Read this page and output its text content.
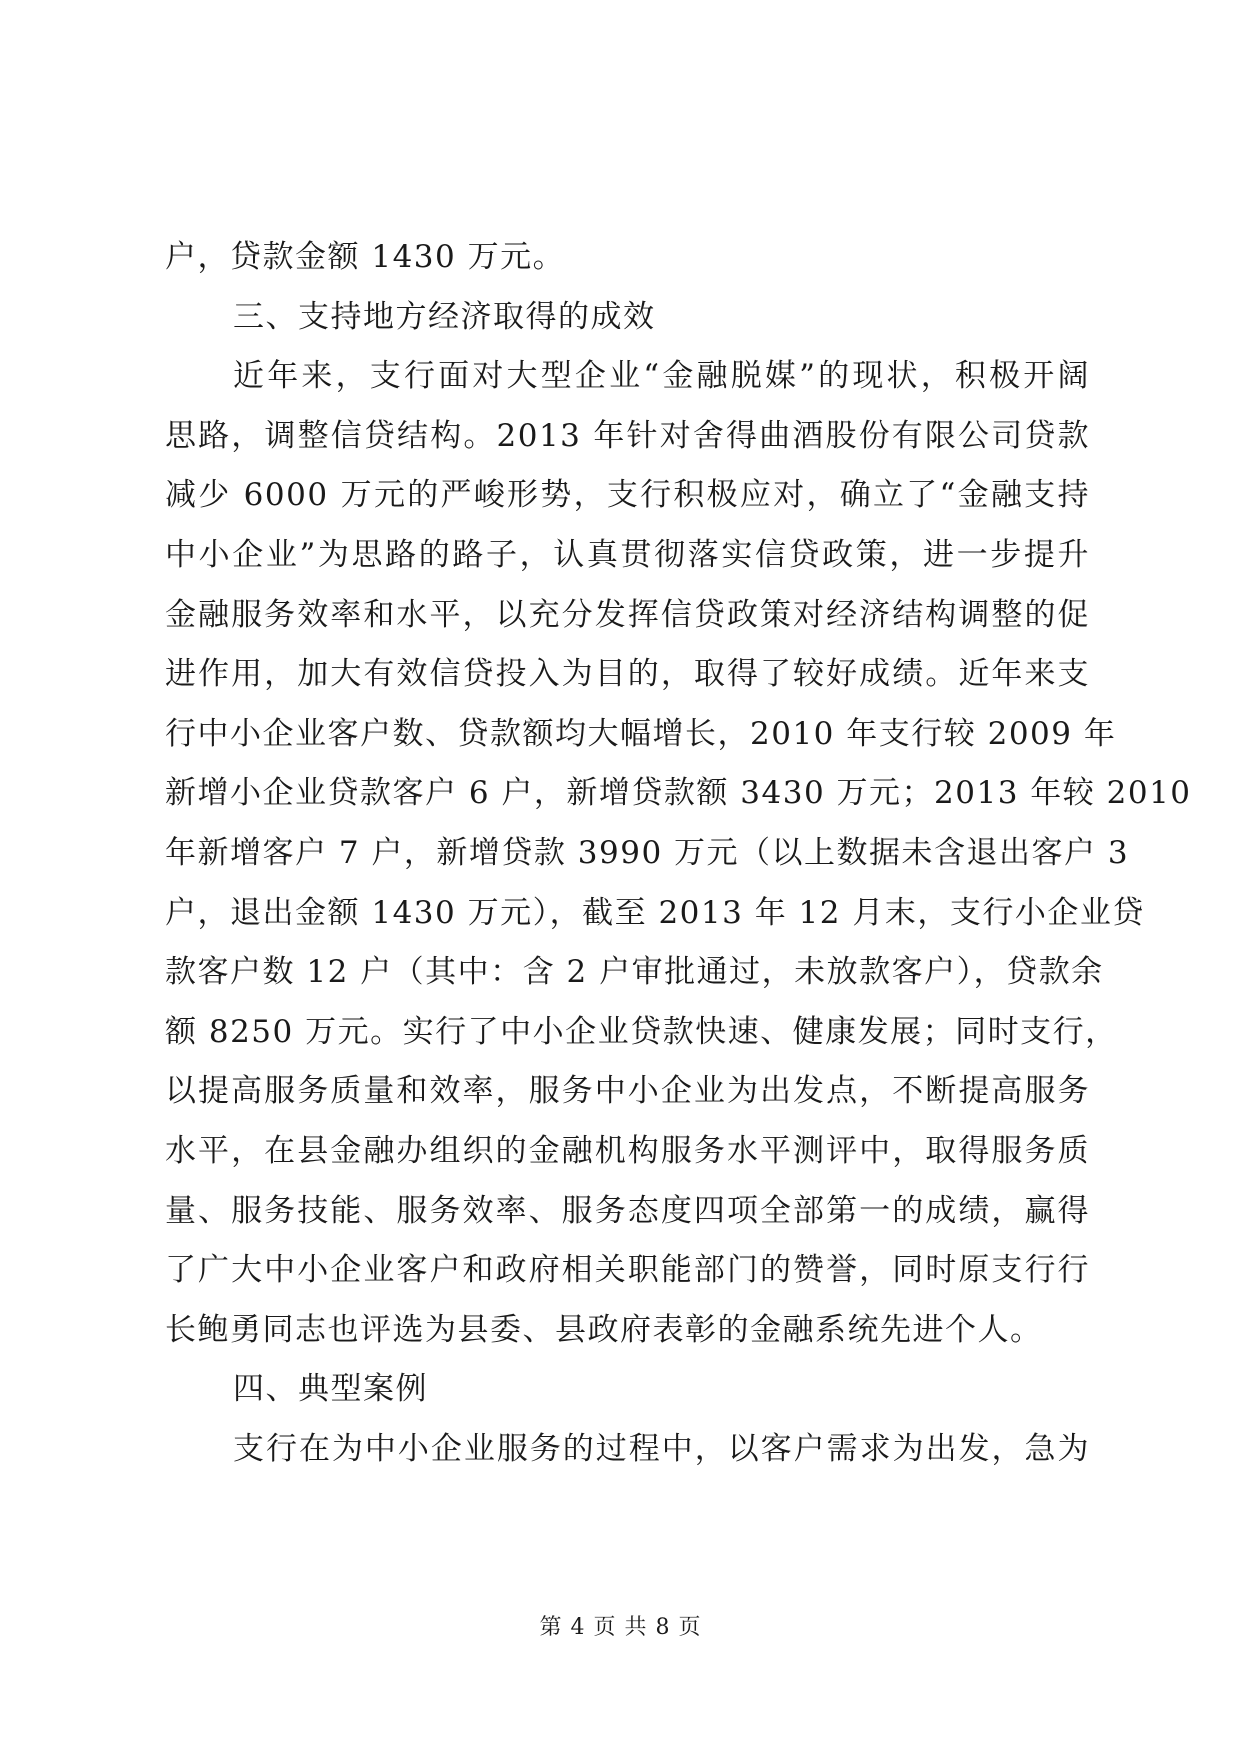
户，贷款金额 1430 万元。
三、支持地方经济取得的成效
近年来，支行面对大型企业“金融脱媒”的现状，积极开阔
思路，调整信贷结构。2013 年针对舍得曲酒股份有限公司贷款
减少 6000 万元的严峻形势，支行积极应对，确立了“金融支持
中小企业”为思路的路子，认真贯彻落实信贷政策，进一步提升
金融服务效率和水平，以充分发挥信贷政策对经济结构调整的促
进作用，加大有效信贷投入为目的，取得了较好成绩。近年来支
行中小企业客户数、贷款额均大幅增长，2010 年支行较 2009 年
新增小企业贷款客户 6 户，新增贷款额 3430 万元；2013 年较 2010
年新增客户 7 户，新增贷款 3990 万元（以上数据未含退出客户 3
户，退出金额 1430 万元），截至 2013 年 12 月末，支行小企业贷
款客户数 12 户（其中：含 2 户审批通过，未放款客户），贷款余
额 8250 万元。实行了中小企业贷款快速、健康发展；同时支行，
以提高服务质量和效率，服务中小企业为出发点，不断提高服务
水平，在县金融办组织的金融机构服务水平测评中，取得服务质
量、服务技能、服务效率、服务态度四项全部第一的成绩，赢得
了广大中小企业客户和政府相关职能部门的赞誉，同时原支行行
长鲍勇同志也评选为县委、县政府表彰的金融系统先进个人。
四、典型案例
支行在为中小企业服务的过程中，以客户需求为出发，急为
第 4 页 共 8 页
